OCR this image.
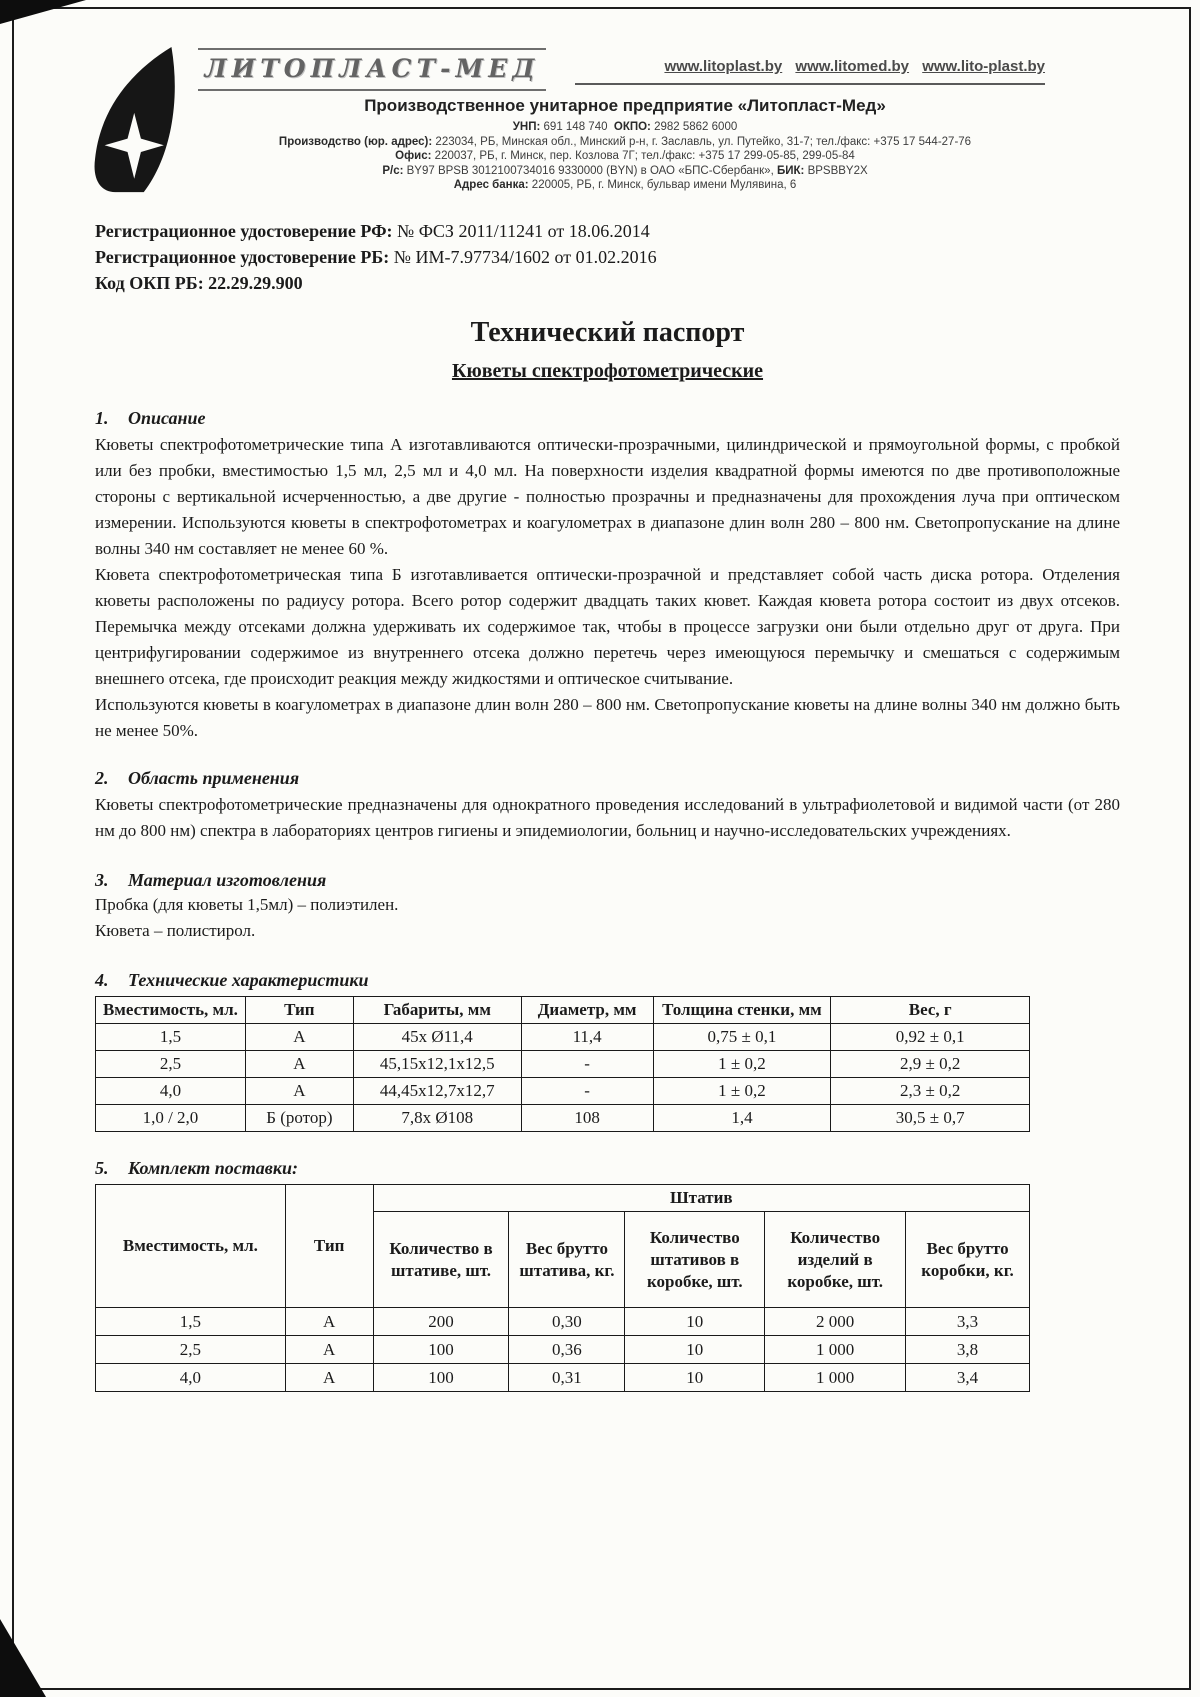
ЛИТОПЛАСТ-МЕД	www.litoplast.by www.litomed.by www.lito-plast.by
Производственное унитарное предприятие «Литопласт-Мед»
УНП: 691 148 740 ОКПО: 2982 5862 6000
Производство (юр. адрес): 223034, РБ, Минская обл., Минский р-н, г. Заславль, ул. Путейко, 31-7; тел./факс: +375 17 544-27-76
Офис: 220037, РБ, г. Минск, пер. Козлова 7Г; тел./факс: +375 17 299-05-85, 299-05-84
Р/с: BY97 BPSB 3012100734016 9330000 (BYN) в ОАО «БПС-Сбербанк», БИК: BPSBBY2X
Адрес банка: 220005, РБ, г. Минск, бульвар имени Мулявина, 6
Регистрационное удостоверение РФ: № ФСЗ 2011/11241 от 18.06.2014
Регистрационное удостоверение РБ: № ИМ-7.97734/1602 от 01.02.2016
Код ОКП РБ: 22.29.29.900
Технический паспорт
Кюветы спектрофотометрические
1. Описание

Кюветы спектрофотометрические типа А изготавливаются оптически-прозрачными, цилиндрической и прямоугольной формы, с пробкой или без пробки, вместимостью 1,5 мл, 2,5 мл и 4,0 мл. На поверхности изделия квадратной формы имеются по две противоположные стороны с вертикальной исчерченностью, а две другие - полностью прозрачны и предназначены для прохождения луча при оптическом измерении. Используются кюветы в спектрофотометрах и коагулометрах в диапазоне длин волн 280 – 800 нм. Светопропускание на длине волны 340 нм составляет не менее 60 %.

Кювета спектрофотометрическая типа Б изготавливается оптически-прозрачной и представляет собой часть диска ротора. Отделения кюветы расположены по радиусу ротора. Всего ротор содержит двадцать таких кювет. Каждая кювета ротора состоит из двух отсеков. Перемычка между отсеками должна удерживать их содержимое так, чтобы в процессе загрузки они были отдельно друг от друга. При центрифугировании содержимое из внутреннего отсека должно перетечь через имеющуюся перемычку и смешаться с содержимым внешнего отсека, где происходит реакция между жидкостями и оптическое считывание.

Используются кюветы в коагулометрах в диапазоне длин волн 280 – 800 нм. Светопропускание кюветы на длине волны 340 нм должно быть не менее 50%.

2. Область применения

Кюветы спектрофотометрические предназначены для однократного проведения исследований в ультрафиолетовой и видимой части (от 280 нм до 800 нм) спектра в лабораториях центров гигиены и эпидемиологии, больниц и научно-исследовательских учреждениях.

3. Материал изготовления
Пробка (для кюветы 1,5мл) – полиэтилен.
Кювета – полистирол.
4. Технические характеристики
Вместимость, мл.	Тип	Габариты, мм	Диаметр, мм	Толщина стенки, мм	Вес, г
1,5	А	45х Ø11,4	11,4	0,75 ± 0,1	0,92 ± 0,1
2,5	А	45,15х12,1х12,5	-	1 ± 0,2	2,9 ± 0,2
4,0	А	44,45х12,7х12,7	-	1 ± 0,2	2,3 ± 0,2
1,0 / 2,0	Б (ротор)	7,8х Ø108	108	1,4	30,5 ± 0,7
5. Комплект поставки:
Вместимость, мл.	Тип	Штатив				
		Количество в штативе, шт.	Вес брутто штатива, кг.	Количество штативов в коробке, шт.	Количество изделий в коробке, шт.	Вес брутто коробки, кг.
1,5	А	200	0,30	10	2 000	3,3
2,5	А	100	0,36	10	1 000	3,8
4,0	А	100	0,31	10	1 000	3,4
